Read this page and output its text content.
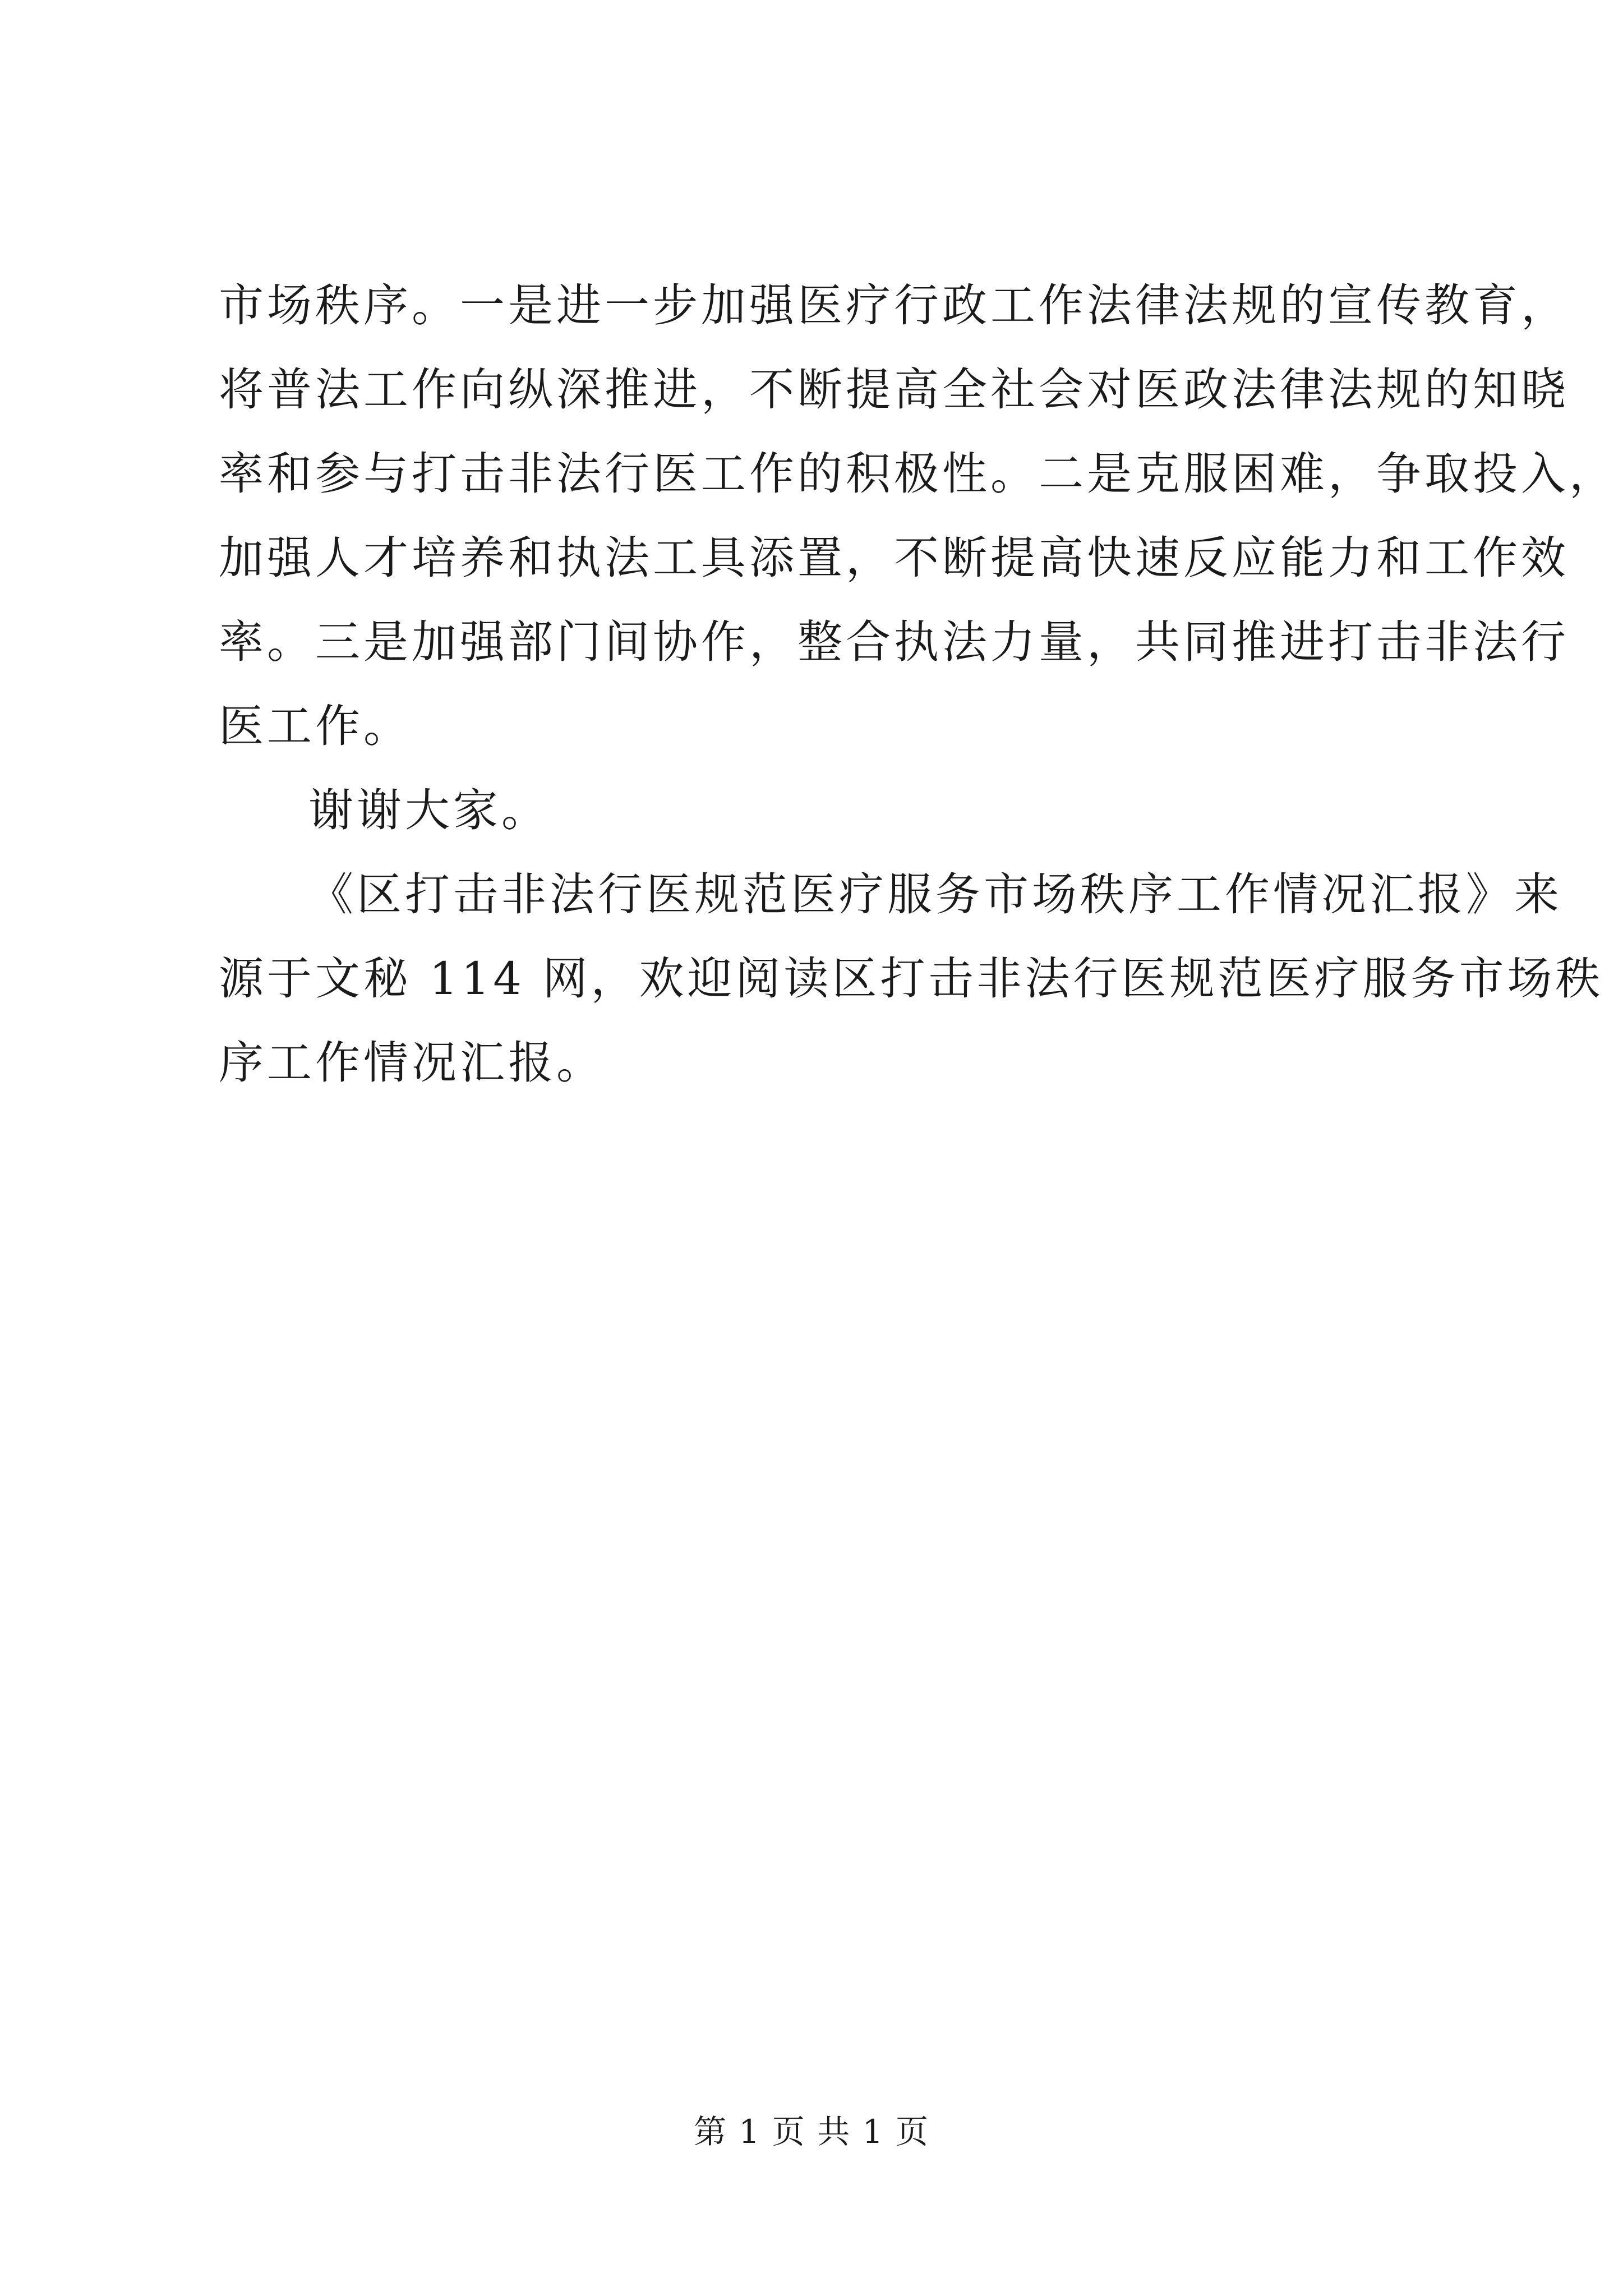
市场秩序。一是进一步加强医疗行政工作法律法规的宣传教育，
将普法工作向纵深推进，不断提高全社会对医政法律法规的知晓
率和参与打击非法行医工作的积极性。二是克服困难，争取投入，
加强人才培养和执法工具添置，不断提高快速反应能力和工作效
率。三是加强部门间协作，整合执法力量，共同推进打击非法行
医工作。
谢谢大家。
《区打击非法行医规范医疗服务市场秩序工作情况汇报》来
源于文秘 114 网，欢迎阅读区打击非法行医规范医疗服务市场秩
序工作情况汇报。
第 1 页 共 1 页
